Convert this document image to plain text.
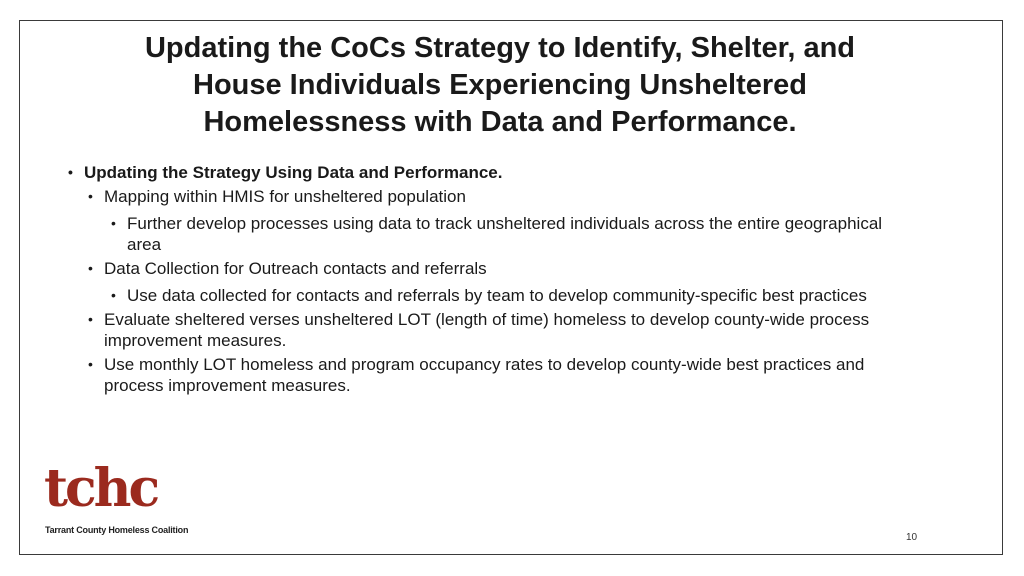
Updating the CoCs Strategy to Identify, Shelter, and
House Individuals Experiencing Unsheltered
Homelessness with Data and Performance.
• Updating the Strategy Using Data and Performance.
• Mapping within HMIS for unsheltered population
• Further develop processes using data to track unsheltered individuals across the entire geographical area
• Data Collection for Outreach contacts and referrals
• Use data collected for contacts and referrals by team to develop community-specific best practices
• Evaluate sheltered verses unsheltered LOT (length of time) homeless to develop county-wide process improvement measures.
• Use monthly LOT homeless and program occupancy rates to develop county-wide best practices and process improvement measures.
tchc
Tarrant County Homeless Coalition
10
